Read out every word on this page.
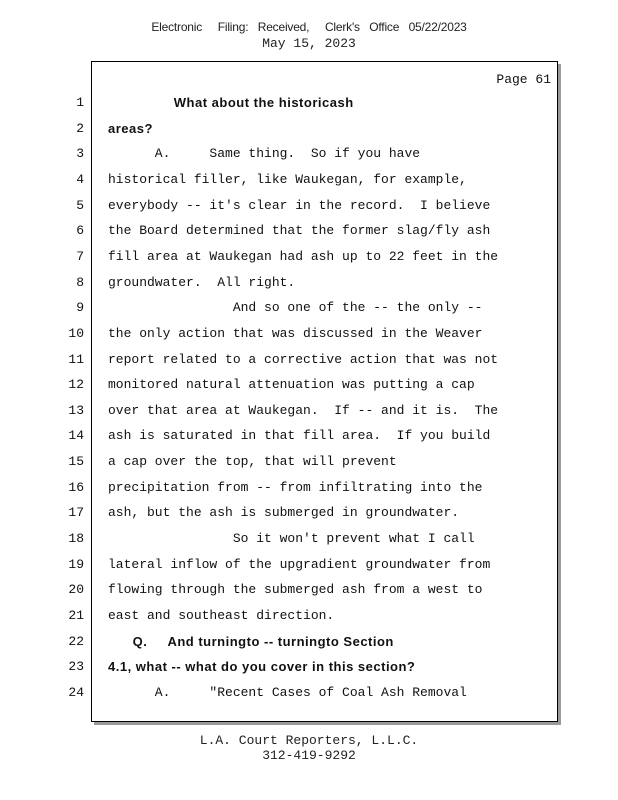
Electronic     Filing:   Received,     Clerk's   Office   05/22/2023
May 15, 2023
Page 61
1 What about the historicash
2 areas?
3 A.     Same thing.  So if you have
4 historical filler, like Waukegan, for example,
5 everybody -- it's clear in the record.  I believe
6 the Board determined that the former slag/fly ash
7 fill area at Waukegan had ash up to 22 feet in the
8 groundwater.  All right.
9 And so one of the -- the only --
10 the only action that was discussed in the Weaver
11 report related to a corrective action that was not
12 monitored natural attenuation was putting a cap
13 over that area at Waukegan.  If -- and it is.  The
14 ash is saturated in that fill area.  If you build
15 a cap over the top, that will prevent
16 precipitation from -- from infiltrating into the
17 ash, but the ash is submerged in groundwater.
18 So it won't prevent what I call
19 lateral inflow of the upgradient groundwater from
20 flowing through the submerged ash from a west to
21 east and southeast direction.
22 Q.     And turningto -- turningto Section
23 4.1, what -- what do you cover in this section?
24 A.     "Recent Cases of Coal Ash Removal
L.A. Court Reporters, L.L.C.
312-419-9292
